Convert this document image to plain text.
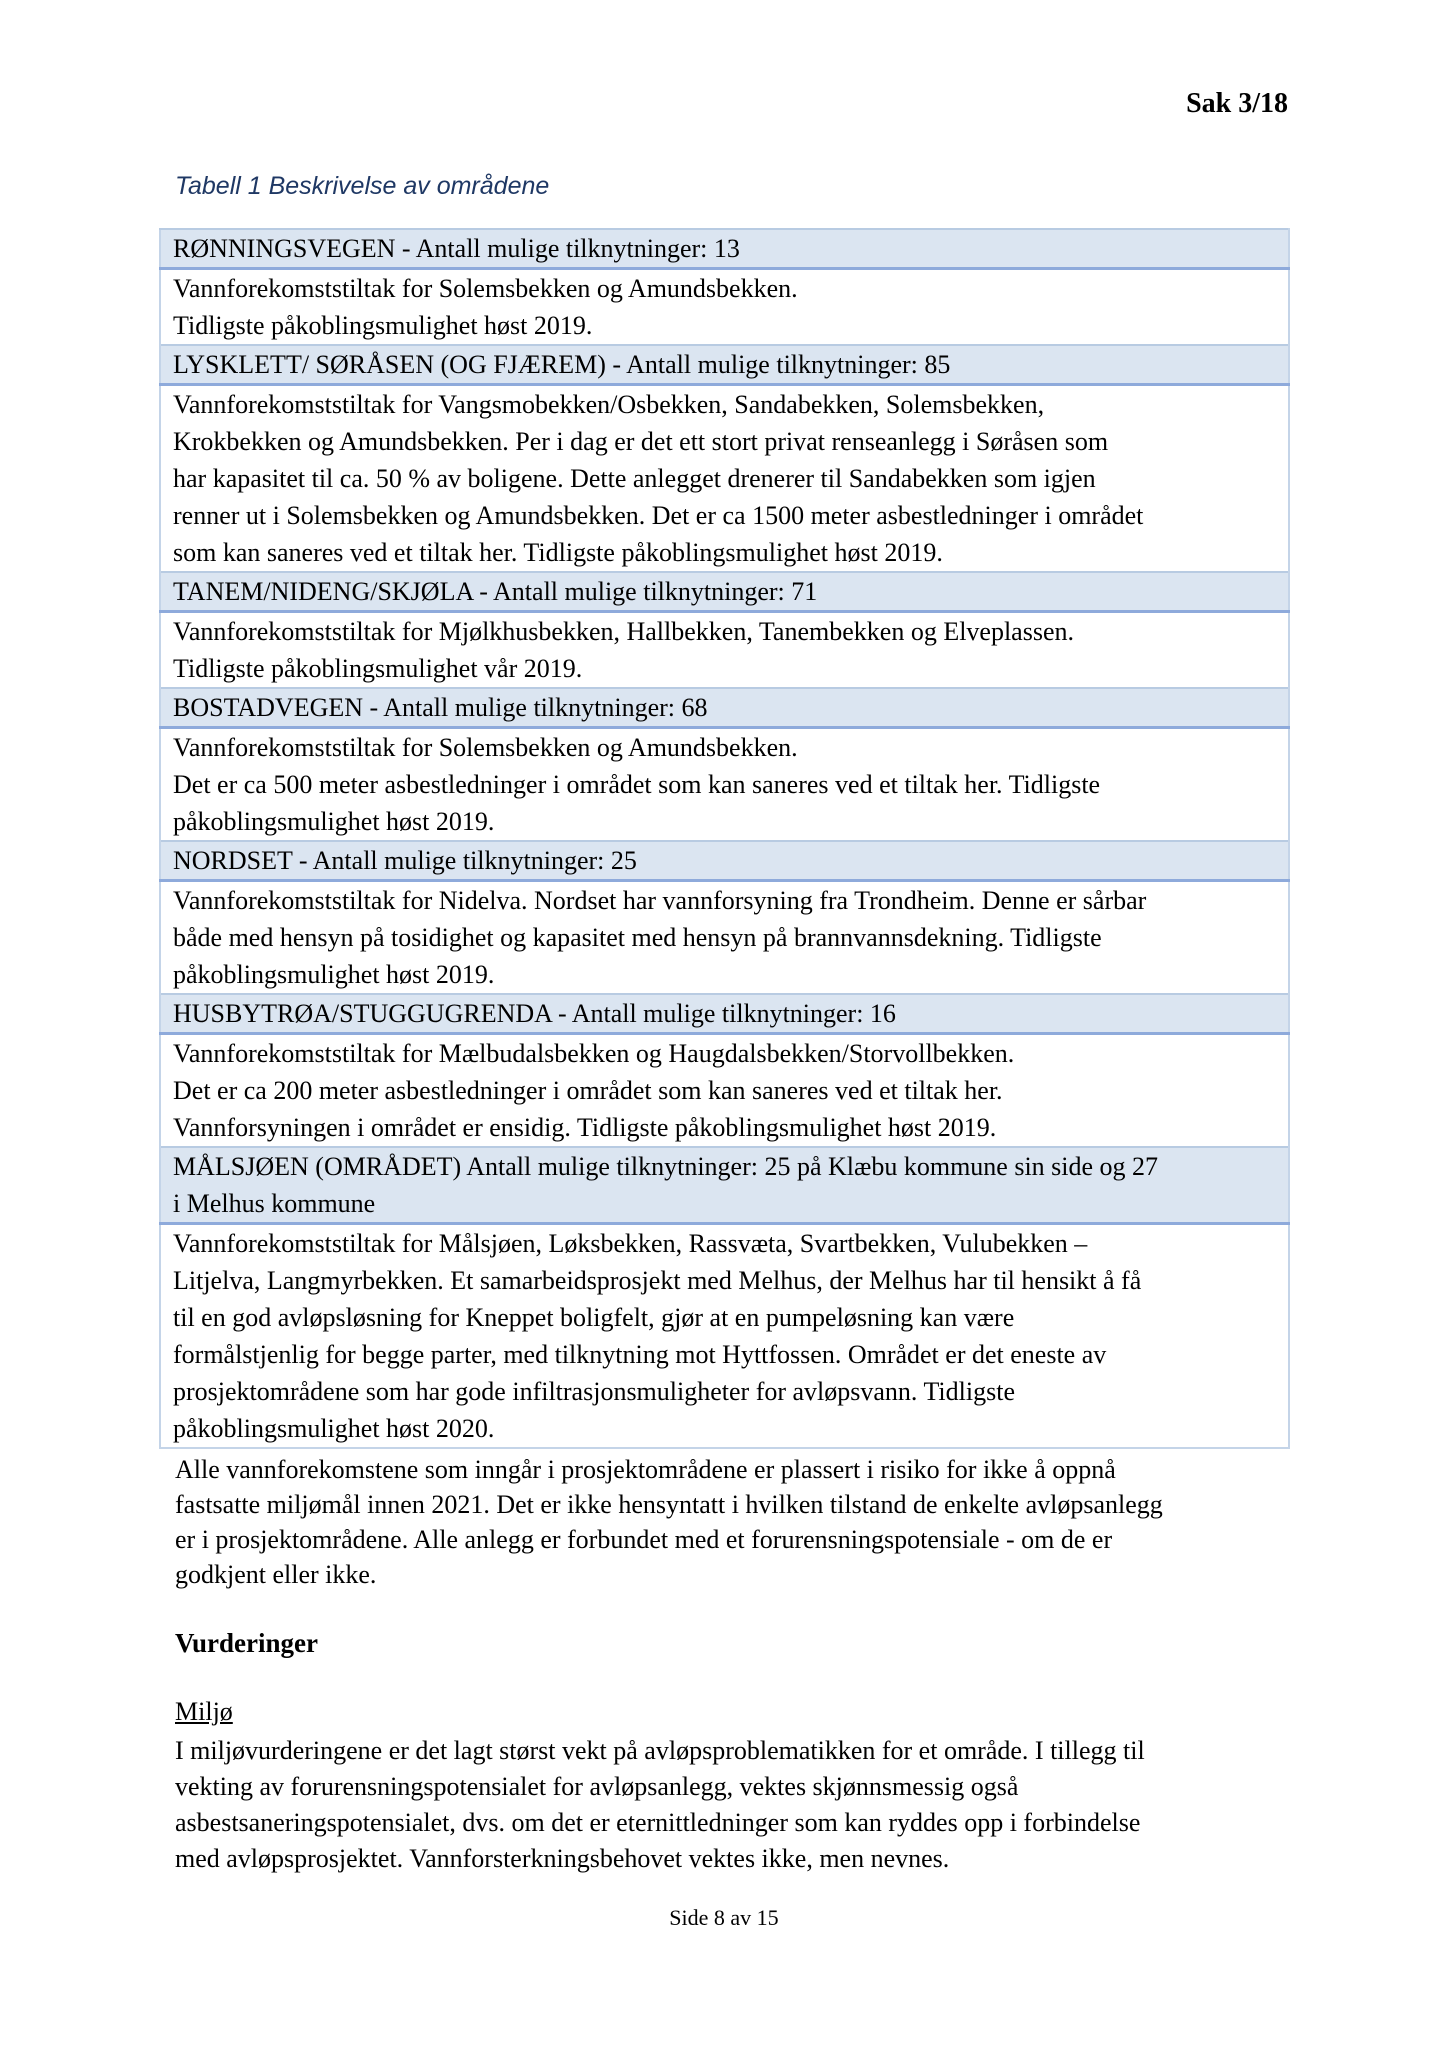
Sak 3/18
Tabell 1 Beskrivelse av områdene
RØNNINGSVEGEN - Antall mulige tilknytninger: 13

Vannforekomststiltak for Solemsbekken og Amundsbekken.
Tidligste påkoblingsmulighet høst 2019.

LYSKLETT/ SØRÅSEN (OG FJÆREM) - Antall mulige tilknytninger: 85

Vannforekomststiltak for Vangsmobekken/Osbekken, Sandabekken, Solemsbekken,
Krokbekken og Amundsbekken. Per i dag er det ett stort privat renseanlegg i Søråsen som
har kapasitet til ca. 50 % av boligene. Dette anlegget drenerer til Sandabekken som igjen
renner ut i Solemsbekken og Amundsbekken. Det er ca 1500 meter asbestledninger i området
som kan saneres ved et tiltak her. Tidligste påkoblingsmulighet høst 2019.

TANEM/NIDENG/SKJØLA - Antall mulige tilknytninger: 71

Vannforekomststiltak for Mjølkhusbekken, Hallbekken, Tanembekken og Elveplassen.
Tidligste påkoblingsmulighet vår 2019.

BOSTADVEGEN - Antall mulige tilknytninger: 68

Vannforekomststiltak for Solemsbekken og Amundsbekken.
Det er ca 500 meter asbestledninger i området som kan saneres ved et tiltak her. Tidligste
påkoblingsmulighet høst 2019.

NORDSET - Antall mulige tilknytninger: 25

Vannforekomststiltak for Nidelva. Nordset har vannforsyning fra Trondheim. Denne er sårbar
både med hensyn på tosidighet og kapasitet med hensyn på brannvannsdekning. Tidligste
påkoblingsmulighet høst 2019.

HUSBYTRØA/STUGGUGRENDA - Antall mulige tilknytninger: 16

Vannforekomststiltak for Mælbudalsbekken og Haugdalsbekken/Storvollbekken.
Det er ca 200 meter asbestledninger i området som kan saneres ved et tiltak her.
Vannforsyningen i området er ensidig. Tidligste påkoblingsmulighet høst 2019.

MÅLSJØEN (OMRÅDET) Antall mulige tilknytninger: 25 på Klæbu kommune sin side og 27
i Melhus kommune

Vannforekomststiltak for Målsjøen, Løksbekken, Rassvæta, Svartbekken, Vulubekken –
Litjelva, Langmyrbekken. Et samarbeidsprosjekt med Melhus, der Melhus har til hensikt å få
til en god avløpsløsning for Kneppet boligfelt, gjør at en pumpeløsning kan være
formålstjenlig for begge parter, med tilknytning mot Hyttfossen. Området er det eneste av
prosjektområdene som har gode infiltrasjonsmuligheter for avløpsvann. Tidligste
påkoblingsmulighet høst 2020.
Alle vannforekomstene som inngår i prosjektområdene er plassert i risiko for ikke å oppnå
fastsatte miljømål innen 2021. Det er ikke hensyntatt i hvilken tilstand de enkelte avløpsanlegg
er i prosjektområdene. Alle anlegg er forbundet med et forurensningspotensiale - om de er
godkjent eller ikke.
Vurderinger
Miljø
I miljøvurderingene er det lagt størst vekt på avløpsproblematikken for et område. I tillegg til
vekting av forurensningspotensialet for avløpsanlegg, vektes skjønnsmessig også
asbestsaneringspotensialet, dvs. om det er eternittledninger som kan ryddes opp i forbindelse
med avløpsprosjektet. Vannforsterkningsbehovet vektes ikke, men nevnes.
Side 8 av 15
